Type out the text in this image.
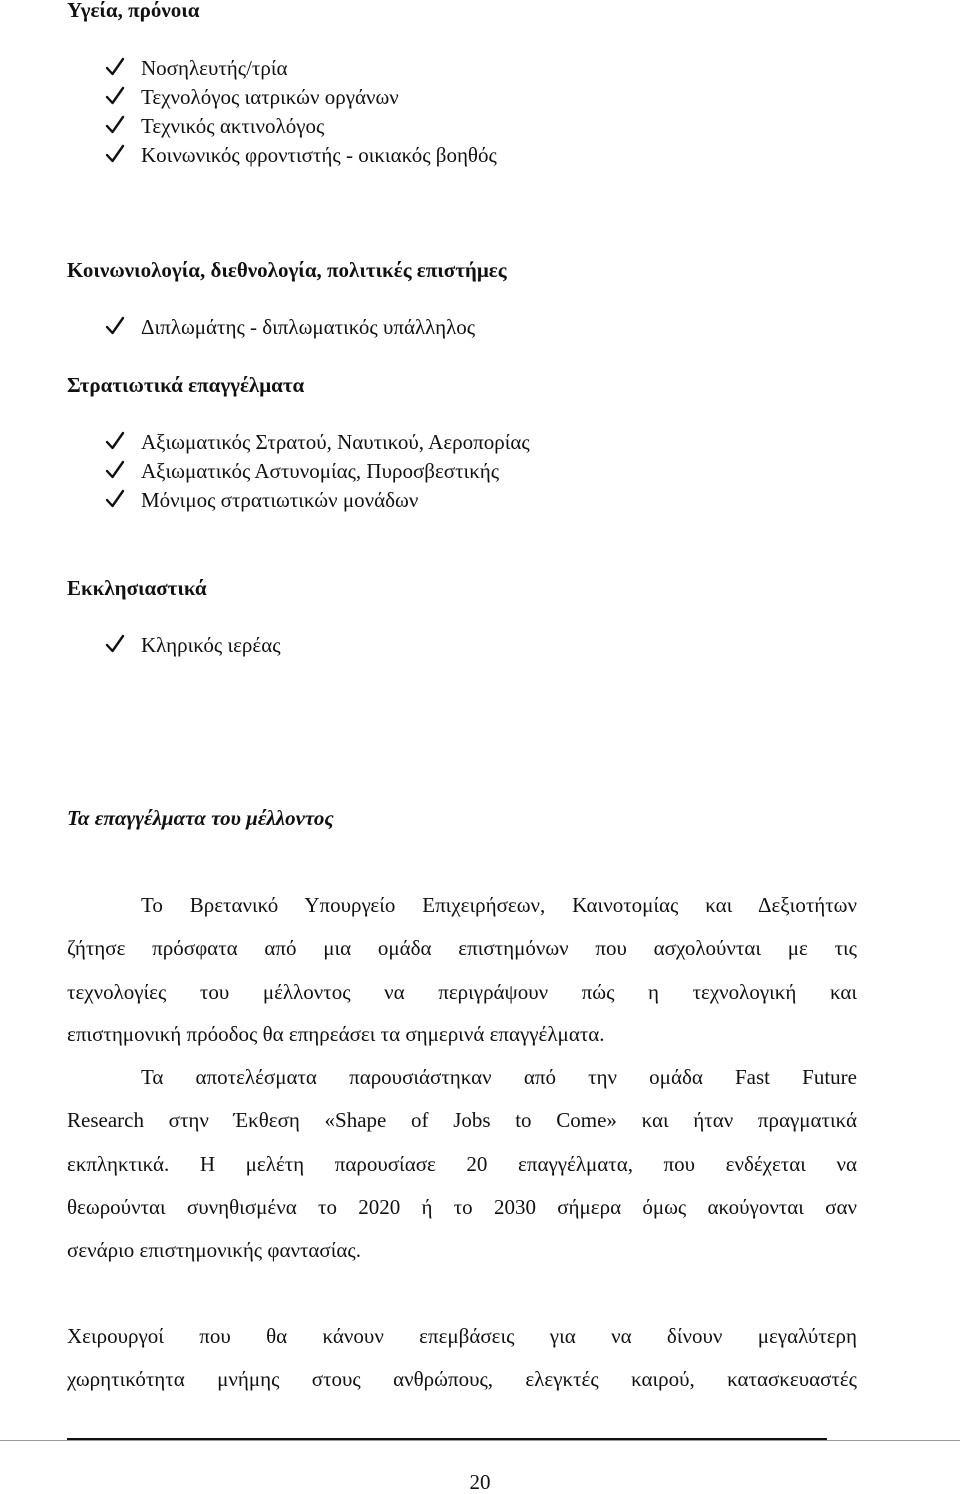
Υγεία, πρόνοια
Νοσηλευτής/τρία
Τεχνολόγος ιατρικών οργάνων
Τεχνικός ακτινολόγος
Κοινωνικός φροντιστής - οικιακός βοηθός
Κοινωνιολογία, διεθνολογία, πολιτικές επιστήμες
Διπλωμάτης - διπλωματικός υπάλληλος
Στρατιωτικά επαγγέλματα
Αξιωματικός Στρατού, Ναυτικού, Αεροπορίας
Αξιωματικός Αστυνομίας, Πυροσβεστικής
Μόνιμος στρατιωτικών μονάδων
Εκκλησιαστικά
Κληρικός ιερέας
Τα επαγγέλματα του μέλλοντος
Το Βρετανικό Υπουργείο Επιχειρήσεων, Καινοτομίας και Δεξιοτήτων
ζήτησε πρόσφατα από μια ομάδα επιστημόνων που ασχολούνται με τις
τεχνολογίες του μέλλοντος να περιγράψουν πώς η τεχνολογική και
επιστημονική πρόοδος θα επηρεάσει τα σημερινά επαγγέλματα.
Τα αποτελέσματα παρουσιάστηκαν από την ομάδα Fast Future
Research στην Έκθεση «Shape of Jobs to Come» και ήταν πραγματικά
εκπληκτικά. Η μελέτη παρουσίασε 20 επαγγέλματα, που ενδέχεται να
θεωρούνται συνηθισμένα το 2020 ή το 2030 σήμερα όμως ακούγονται σαν
σενάριο επιστημονικής φαντασίας.
Χειρουργοί που θα κάνουν επεμβάσεις για να δίνουν μεγαλύτερη
χωρητικότητα μνήμης στους ανθρώπους, ελεγκτές καιρού, κατασκευαστές
20
